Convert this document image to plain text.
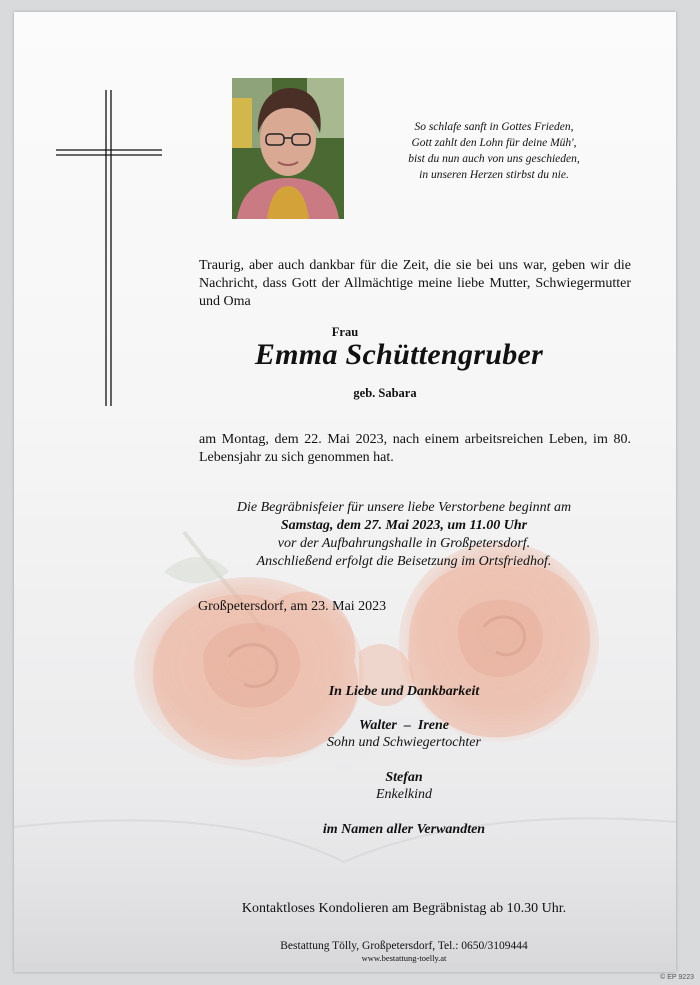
So schlafe sanft in Gottes Frieden,
Gott zahlt den Lohn für deine Müh',
bist du nun auch von uns geschieden,
in unseren Herzen stirbst du nie.
Traurig, aber auch dankbar für die Zeit, die sie bei uns war, geben wir die Nachricht, dass Gott der Allmächtige meine liebe Mutter, Schwiegermutter und Oma
Frau
Emma Schüttengruber
geb. Sabara
am Montag, dem 22. Mai 2023, nach einem arbeitsreichen Leben, im 80. Lebensjahr zu sich genommen hat.
Die Begräbnisfeier für unsere liebe Verstorbene beginnt am
Samstag, dem 27. Mai 2023, um 11.00 Uhr
vor der Aufbahrungshalle in Großpetersdorf.
Anschließend erfolgt die Beisetzung im Ortsfriedhof.
Großpetersdorf, am 23. Mai 2023
In Liebe und Dankbarkeit
Walter  –  Irene
Sohn und Schwiegertochter
Stefan
Enkelkind
im Namen aller Verwandten
Kontaktloses Kondolieren am Begräbnistag ab 10.30 Uhr.
Bestattung Tölly, Großpetersdorf, Tel.: 0650/3109444
www.bestattung-toelly.at
© EP 9223
